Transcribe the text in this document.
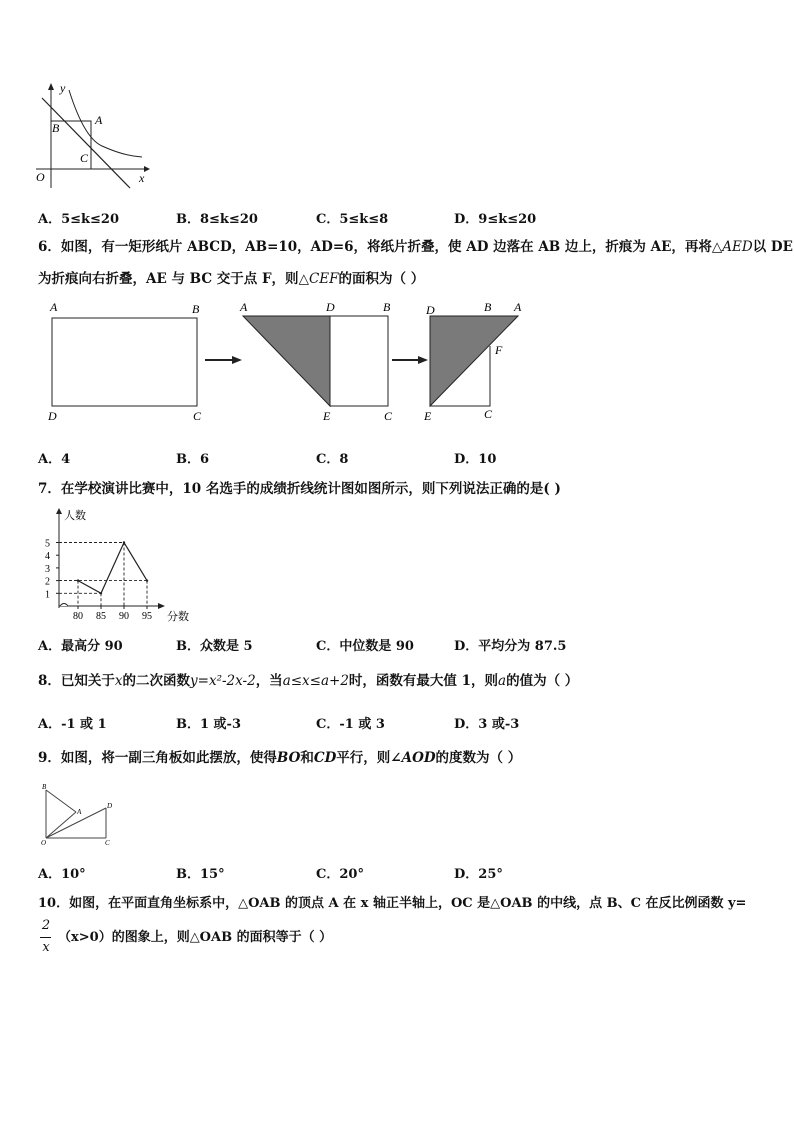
y
x
O
A
B
C
A．5≤k≤20	B．8≤k≤20	C．5≤k≤8	D．9≤k≤20
6．如图，有一矩形纸片 ABCD，AB=10，AD=6，将纸片折叠，使 AD 边落在 AB 边上，折痕为 AE，再将△AED以 DE
为折痕向右折叠，AE 与 BC 交于点 F，则△CEF的面积为（ ）
A	B
D	C
A	D	B
E	C
D	B A
F
E	C
A．4	B．6	C．8	D．10
7．在学校演讲比赛中，10 名选手的成绩折线统计图如图所示，则下列说法正确的是( )
1
2
3
4
5
80 85 90 95
人数
分数
A．最高分 90	B．众数是 5	C．中位数是 90	D．平均分为 87.5
8．已知关于x的二次函数y=x²-2x-2，当a≤x≤a+2时，函数有最大值 1，则a的值为（ ）
A．-1 或 1	B．1 或-3	C．-1 或 3	D．3 或-3
9．如图，将一副三角板如此摆放，使得BO和CD平行，则∠AOD的度数为（ ）
B
A
D
O	C
A．10°	B．15°	C．20°	D．25°
10．如图，在平面直角坐标系中，△OAB 的顶点 A 在 x 轴正半轴上，OC 是△OAB 的中线，点 B、C 在反比例函数 y=
2
x
（x>0）的图象上，则△OAB 的面积等于（ ）
